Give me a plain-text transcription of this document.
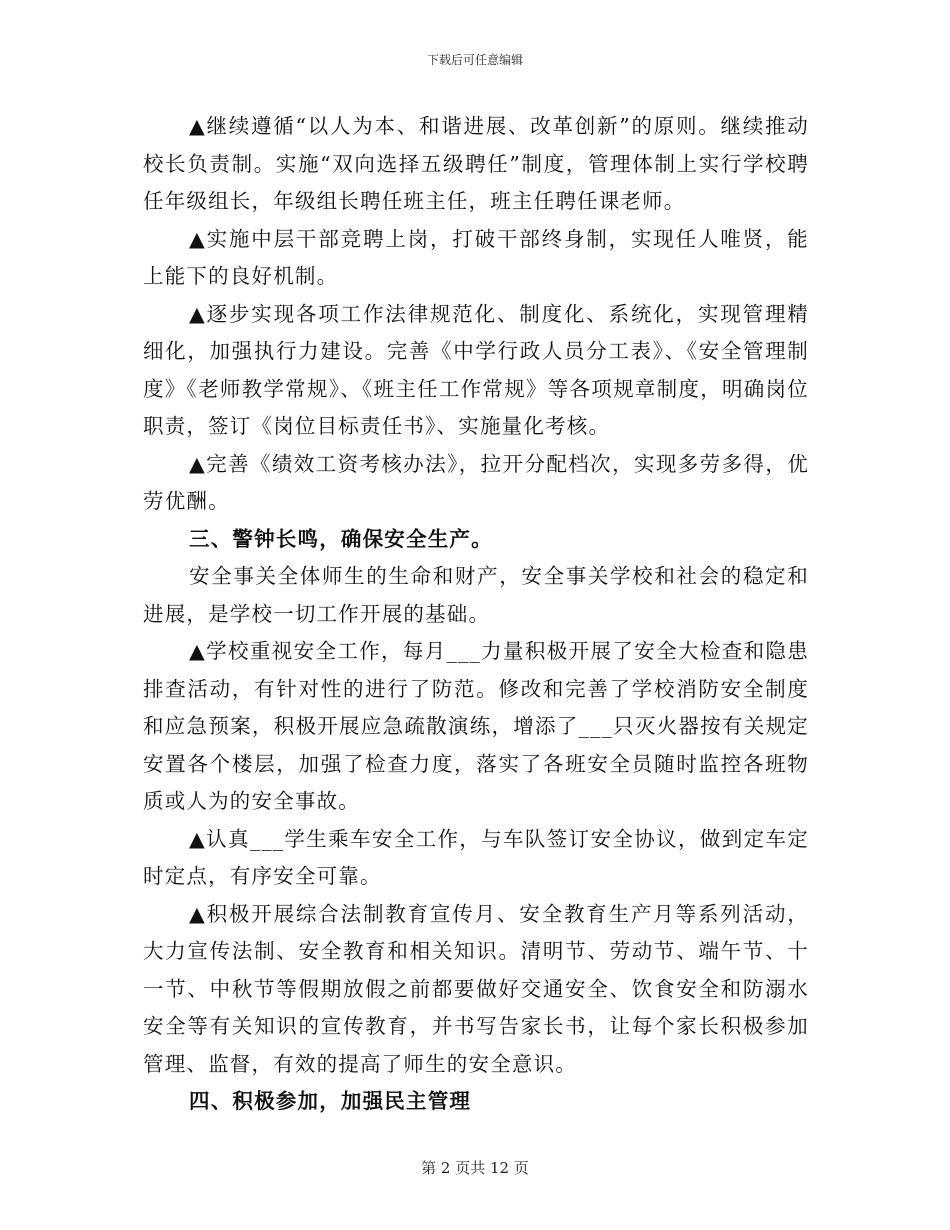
下载后可任意编辑

▲继续遵循“以人为本、和谐进展、改革创新”的原则。继续推动校长负责制。实施“双向选择五级聘任”制度，管理体制上实行学校聘任年级组长，年级组长聘任班主任，班主任聘任课老师。

▲实施中层干部竞聘上岗，打破干部终身制，实现任人唯贤，能上能下的良好机制。

▲逐步实现各项工作法律规范化、制度化、系统化，实现管理精细化，加强执行力建设。完善《中学行政人员分工表》、《安全管理制度》《老师教学常规》、《班主任工作常规》等各项规章制度，明确岗位职责，签订《岗位目标责任书》、实施量化考核。

▲完善《绩效工资考核办法》，拉开分配档次，实现多劳多得，优劳优酬。

三、警钟长鸣，确保安全生产。

安全事关全体师生的生命和财产，安全事关学校和社会的稳定和进展，是学校一切工作开展的基础。

▲学校重视安全工作，每月___力量积极开展了安全大检查和隐患排查活动，有针对性的进行了防范。修改和完善了学校消防安全制度和应急预案，积极开展应急疏散演练，增添了___只灭火器按有关规定安置各个楼层，加强了检查力度，落实了各班安全员随时监控各班物质或人为的安全事故。

▲认真___学生乘车安全工作，与车队签订安全协议，做到定车定时定点，有序安全可靠。

▲积极开展综合法制教育宣传月、安全教育生产月等系列活动，大力宣传法制、安全教育和相关知识。清明节、劳动节、端午节、十一节、中秋节等假期放假之前都要做好交通安全、饮食安全和防溺水安全等有关知识的宣传教育，并书写告家长书，让每个家长积极参加管理、监督，有效的提高了师生的安全意识。

四、积极参加，加强民主管理

第 2 页共 12 页
